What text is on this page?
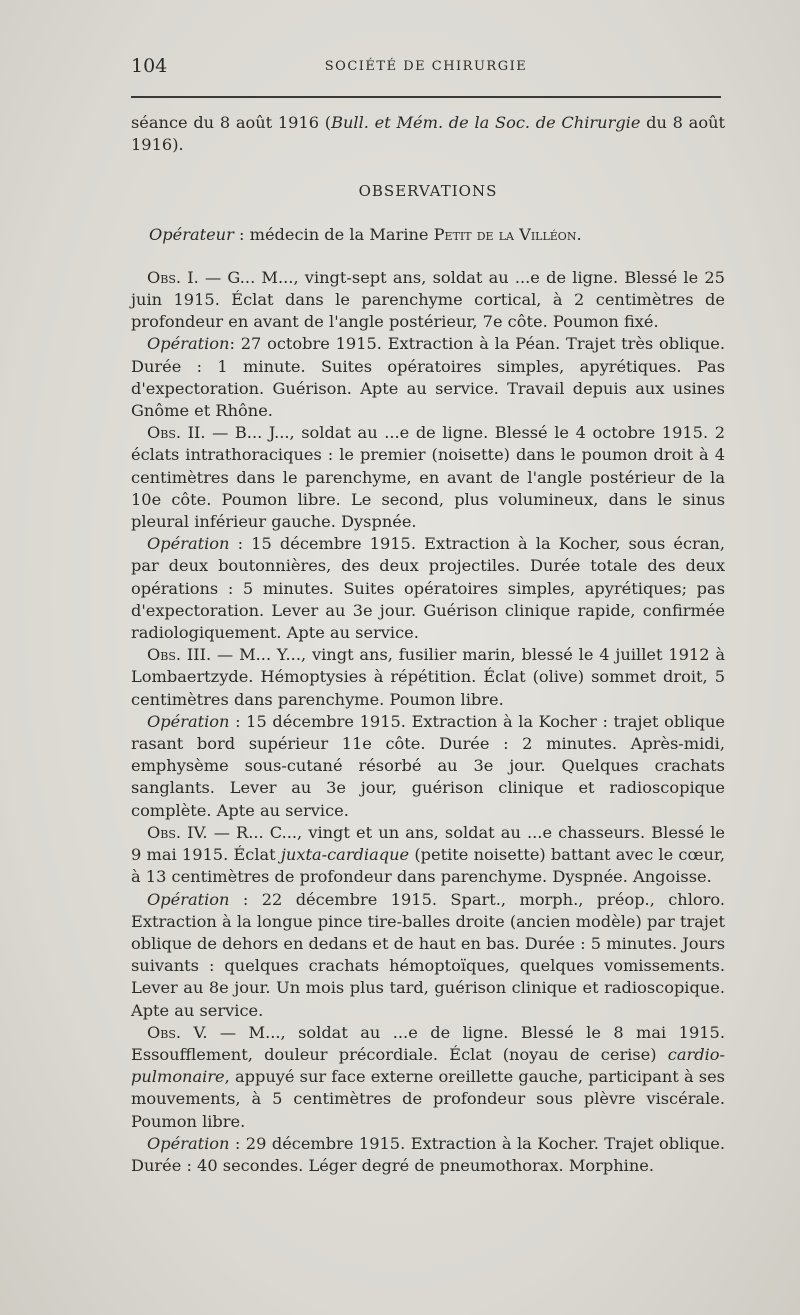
104	SOCIÉTÉ DE CHIRURGIE

séance du 8 août 1916 (Bull. et Mém. de la Soc. de Chirurgie du 8 août 1916).

OBSERVATIONS

Opérateur : médecin de la Marine Petit de la Villéon.

Obs. I. — G... M..., vingt-sept ans, soldat au ...e de ligne. Blessé le 25 juin 1915. Éclat dans le parenchyme cortical, à 2 centimètres de profondeur en avant de l'angle postérieur, 7e côte. Poumon fixé.

Opération: 27 octobre 1915. Extraction à la Péan. Trajet très oblique. Durée : 1 minute. Suites opératoires simples, apyrétiques. Pas d'expectoration. Guérison. Apte au service. Travail depuis aux usines Gnôme et Rhône.

Obs. II. — B... J..., soldat au ...e de ligne. Blessé le 4 octobre 1915. 2 éclats intrathoraciques : le premier (noisette) dans le poumon droit à 4 centimètres dans le parenchyme, en avant de l'angle postérieur de la 10e côte. Poumon libre. Le second, plus volumineux, dans le sinus pleural inférieur gauche. Dyspnée.

Opération : 15 décembre 1915. Extraction à la Kocher, sous écran, par deux boutonnières, des deux projectiles. Durée totale des deux opérations : 5 minutes. Suites opératoires simples, apyrétiques; pas d'expectoration. Lever au 3e jour. Guérison clinique rapide, confirmée radiologiquement. Apte au service.

Obs. III. — M... Y..., vingt ans, fusilier marin, blessé le 4 juillet 1912 à Lombaertzyde. Hémoptysies à répétition. Éclat (olive) sommet droit, 5 centimètres dans parenchyme. Poumon libre.

Opération : 15 décembre 1915. Extraction à la Kocher : trajet oblique rasant bord supérieur 11e côte. Durée : 2 minutes. Après-midi, emphysème sous-cutané résorbé au 3e jour. Quelques crachats sanglants. Lever au 3e jour, guérison clinique et radioscopique complète. Apte au service.

Obs. IV. — R... C..., vingt et un ans, soldat au ...e chasseurs. Blessé le 9 mai 1915. Éclat juxta-cardiaque (petite noisette) battant avec le cœur, à 13 centimètres de profondeur dans parenchyme. Dyspnée. Angoisse.

Opération : 22 décembre 1915. Spart., morph., préop., chloro. Extraction à la longue pince tire-balles droite (ancien modèle) par trajet oblique de dehors en dedans et de haut en bas. Durée : 5 minutes. Jours suivants : quelques crachats hémoptoïques, quelques vomissements. Lever au 8e jour. Un mois plus tard, guérison clinique et radioscopique. Apte au service.

Obs. V. — M..., soldat au ...e de ligne. Blessé le 8 mai 1915. Essoufflement, douleur précordiale. Éclat (noyau de cerise) cardio-pulmonaire, appuyé sur face externe oreillette gauche, participant à ses mouvements, à 5 centimètres de profondeur sous plèvre viscérale. Poumon libre.

Opération : 29 décembre 1915. Extraction à la Kocher. Trajet oblique. Durée : 40 secondes. Léger degré de pneumothorax. Morphine.
